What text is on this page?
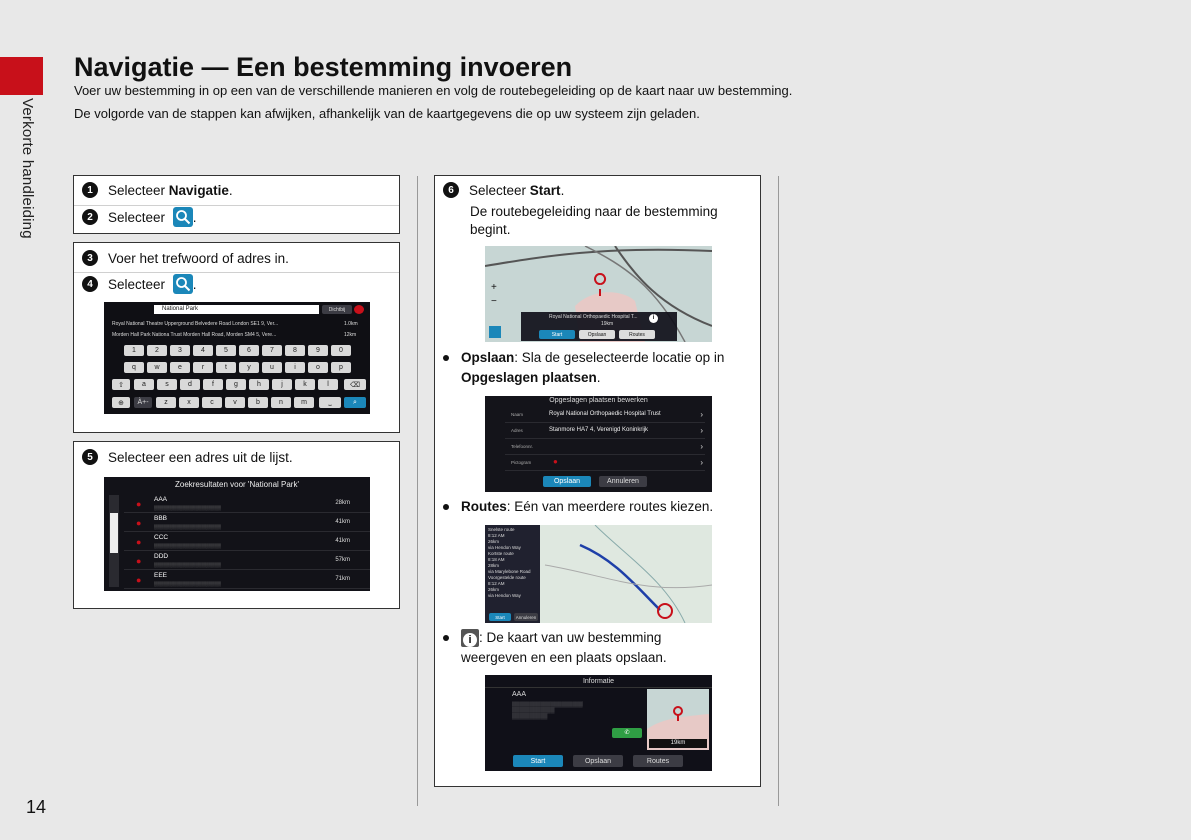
Verkorte handleiding
14
Navigatie — Een bestemming invoeren
Voer uw bestemming in op een van de verschillende manieren en volg de routebegeleiding op de kaart naar uw bestemming.
De volgorde van de stappen kan afwijken, afhankelijk van de kaartgegevens die op uw systeem zijn geladen.
1	Selecteer Navigatie .
2	Selecteer .
3	Voer het trefwoord of adres in.
4	Selecteer .
National Park	Dichtbij
Royal National Theatre Upperground Belvedere Road London SE1 9, Ver...	1.0km
Morden Hall Park Nationa Trust Morden Hall Road, Morden SM4 5, Vere...	12km
1	2	3	4	5	6	7	8	9	0
q	w	e	r	t	y	u	i	o	p
⇧	a	s	d	f	g	h	j	k	l	⌫
⊕	À+-	z	x	c	v	b	n	m	⎵	⌕
5	Selecteer een adres uit de lijst.
Zoekresultaten voor 'National Park'
● AAA
▒▒▒▒▒▒▒▒▒▒▒▒▒▒▒▒▒▒▒▒▒
28km
● BBB
▒▒▒▒▒▒▒▒▒▒▒▒▒▒▒▒▒▒▒▒▒
41km
● CCC
▒▒▒▒▒▒▒▒▒▒▒▒▒▒▒▒▒▒▒▒▒
41km
● DDD
▒▒▒▒▒▒▒▒▒▒▒▒▒▒▒▒▒▒▒▒▒
57km
● EEE
▒▒▒▒▒▒▒▒▒▒▒▒▒▒▒▒▒▒▒▒▒
71km
6	Selecteer Start .
De routebegeleiding naar de bestemming
begint.
+
−
Royal National Orthopaedic Hospital T...
19km
i
Start	Opslaan	Routes
Opslaan: Sla de geselecteerde locatie op in
Opgeslagen plaatsen.
Opgeslagen plaatsen bewerken
Naam	Royal National Orthopaedic Hospital Trust	›
Adres	Stanmore HA7 4, Verenigd Koninkrijk	›
Telefoonnr.	›
Pictogram	›
●
Opslaan	Annuleren
Routes: Eén van meerdere routes kiezen.
Snelste route
8:12 AM
26km
via Hendon Way
Kortste route
8:18 AM
28km
via Marylebone Road
Voorgestelde route
8:12 AM
26km
via Hendon Way
Start	Annuleren
i : De kaart van uw bestemming
weergeven en een plaats opslaan.
Informatie
AAA
▒▒▒▒▒▒▒▒▒▒▒▒▒▒▒▒▒▒▒▒
▒▒▒▒▒▒▒▒▒▒▒▒
▒▒▒▒▒▒▒▒▒▒
✆
19km
Start	Opslaan	Routes
